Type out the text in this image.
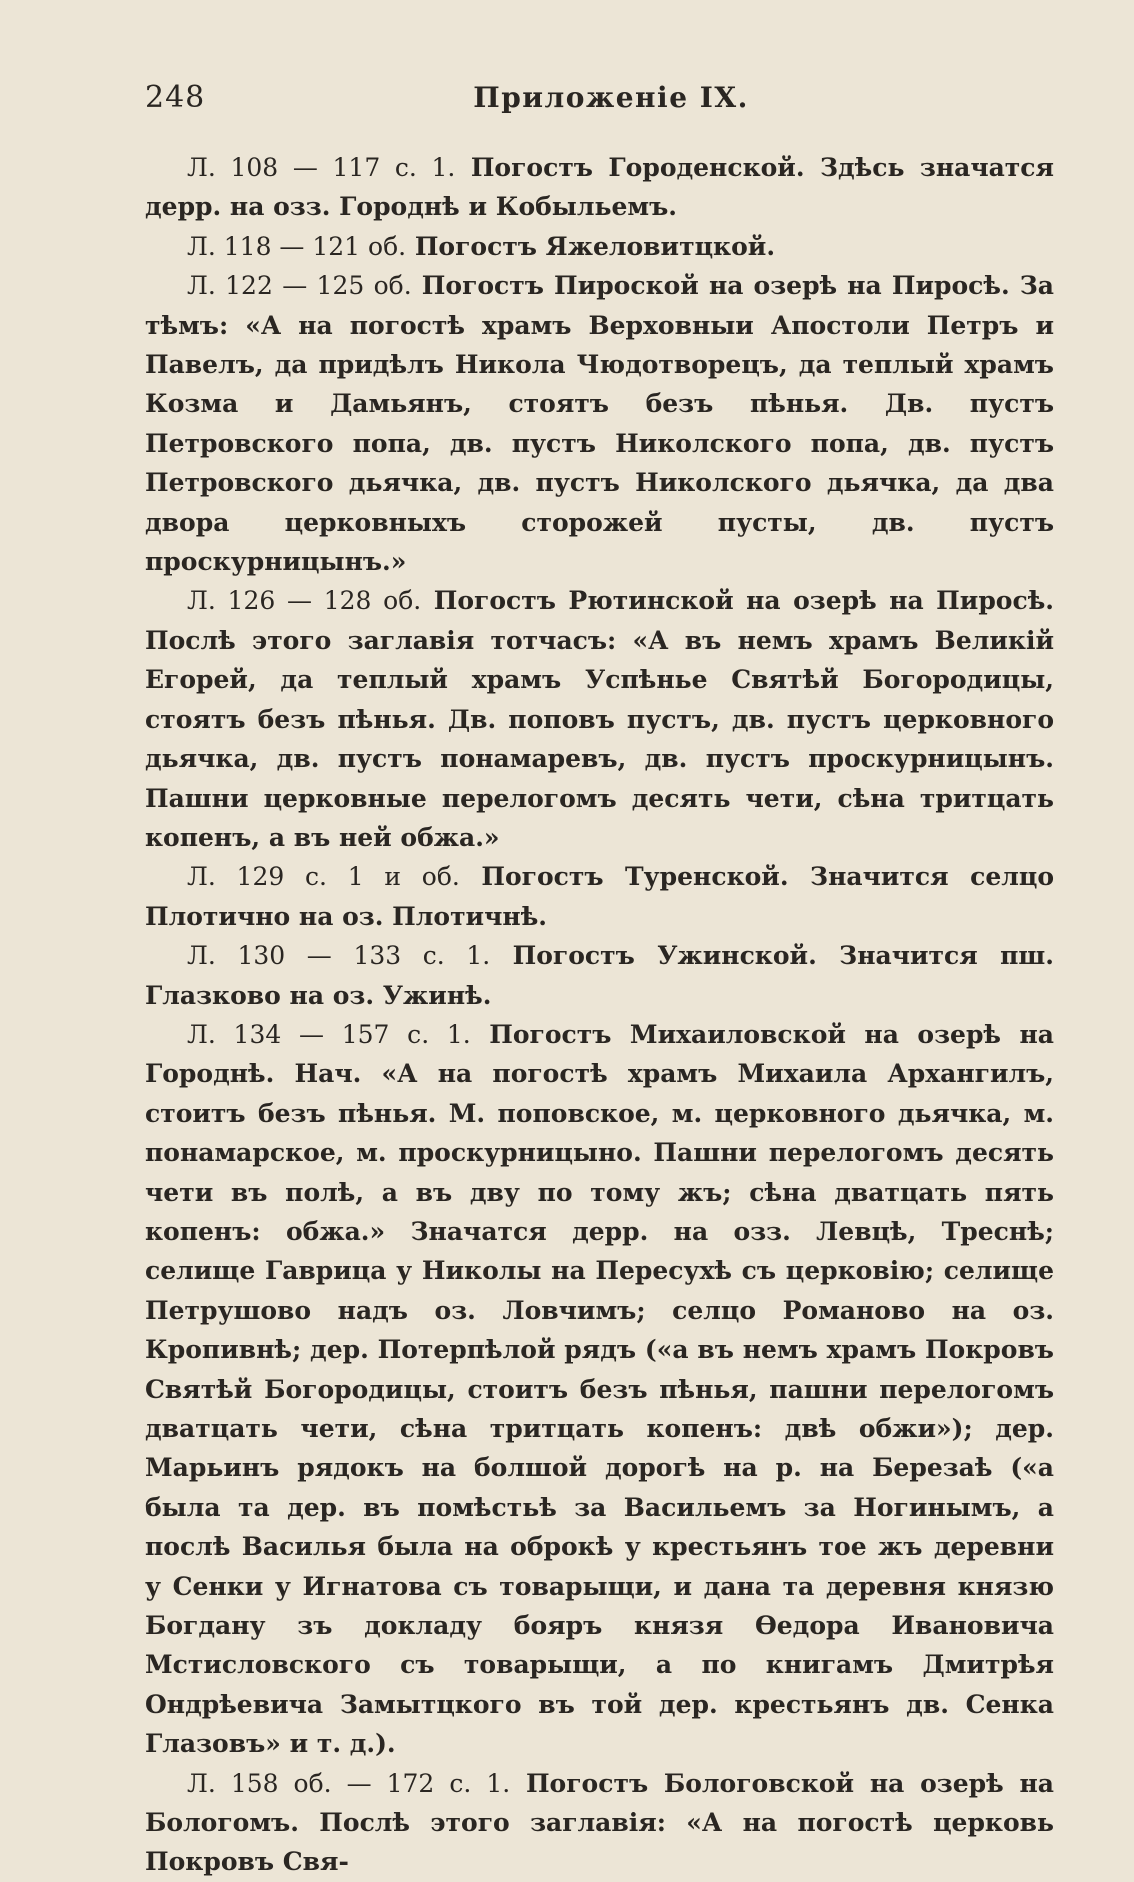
248	Приложенiе IX.

Л. 108 — 117 с. 1. Погостъ Городенской. Здѣсь значатся дерр. на озз. Городнѣ и Кобыльемъ.

Л. 118 — 121 об. Погостъ Яжеловитцкой.

Л. 122 — 125 об. Погостъ Пироской на озерѣ на Пиросѣ. За тѣмъ: «А на погостѣ храмъ Верховныи Апостоли Петръ и Павелъ, да придѣлъ Никола Чюдотворецъ, да теплый храмъ Козма и Дамьянъ, стоятъ безъ пѣнья. Дв. пустъ Петровского попа, дв. пустъ Николского попа, дв. пустъ Петровского дьячка, дв. пустъ Николского дьячка, да два двора церковныхъ сторожей пусты, дв. пустъ проскурницынъ.»

Л. 126 — 128 об. Погостъ Рютинской на озерѣ на Пиросѣ. Послѣ этого заглавiя тотчасъ: «А въ немъ храмъ Великiй Егорей, да теплый храмъ Успѣнье Святѣй Богородицы, стоятъ безъ пѣнья. Дв. поповъ пустъ, дв. пустъ церковного дьячка, дв. пустъ понамаревъ, дв. пустъ проскурницынъ. Пашни церковные перелогомъ десять чети, сѣна тритцать копенъ, а въ ней обжа.»

Л. 129 с. 1 и об. Погостъ Туренской. Значится селцо Плотично на оз. Плотичнѣ.

Л. 130 — 133 с. 1. Погостъ Ужинской. Значится пш. Глазково на оз. Ужинѣ.

Л. 134 — 157 с. 1. Погостъ Михаиловской на озерѣ на Городнѣ. Нач. «А на погостѣ храмъ Михаила Архангилъ, стоитъ безъ пѣнья. М. поповское, м. церковного дьячка, м. понамарское, м. проскурницыно. Пашни перелогомъ десять чети въ полѣ, а въ дву по тому жъ; сѣна дватцать пять копенъ: обжа.» Значатся дерр. на озз. Левцѣ, Треснѣ; селище Гаврица у Николы на Пересухѣ съ церковiю; селище Петрушово надъ оз. Ловчимъ; селцо Романово на оз. Кропивнѣ; дер. Потерпѣлой рядъ («а въ немъ храмъ Покровъ Святѣй Богородицы, стоитъ безъ пѣнья, пашни перелогомъ дватцать чети, сѣна тритцать копенъ: двѣ обжи»); дер. Марьинъ рядокъ на болшой дорогѣ на р. на Березаѣ («а была та дер. въ помѣстьѣ за Васильемъ за Ногинымъ, а послѣ Василья была на оброкѣ у крестьянъ тое жъ деревни у Сенки у Игнатова съ товарыщи, и дана та деревня князю Богдану зъ докладу бояръ князя Өедора Ивановича Мстисловского съ товарыщи, а по книгамъ Дмитрѣя Ондрѣевича Замытцкого въ той дер. крестьянъ дв. Сенка Глазовъ» и т. д.).

Л. 158 об. — 172 с. 1. Погостъ Бологовской на озерѣ на Бологомъ. Послѣ этого заглавiя: «А на погостѣ церковь Покровъ Свя-
